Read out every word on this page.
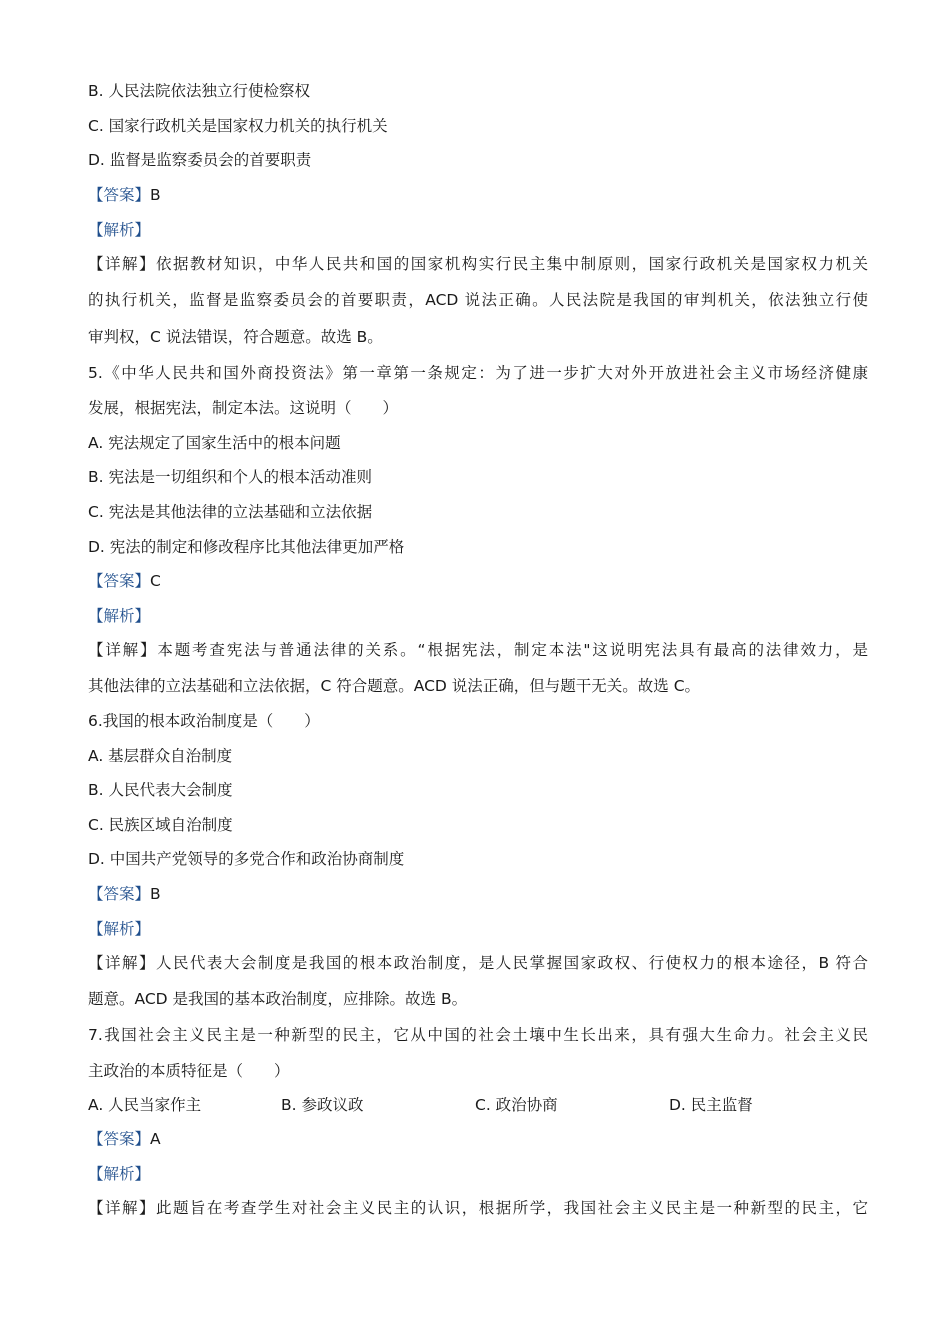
B. 人民法院依法独立行使检察权
C. 国家行政机关是国家权力机关的执行机关
D. 监督是监察委员会的首要职责
【答案】B
【解析】
【详解】依据教材知识，中华人民共和国的国家机构实行民主集中制原则，国家行政机关是国家权力机关
的执行机关，监督是监察委员会的首要职责，ACD 说法正确。人民法院是我国的审判机关，依法独立行使
审判权，C 说法错误，符合题意。故选 B。
5.《中华人民共和国外商投资法》第一章第一条规定：为了进一步扩大对外开放进社会主义市场经济健康
发展，根据宪法，制定本法。这说明（　　）
A. 宪法规定了国家生活中的根本问题
B. 宪法是一切组织和个人的根本活动准则
C. 宪法是其他法律的立法基础和立法依据
D. 宪法的制定和修改程序比其他法律更加严格
【答案】C
【解析】
【详解】本题考查宪法与普通法律的关系。“根据宪法，制定本法"这说明宪法具有最高的法律效力，是
其他法律的立法基础和立法依据，C 符合题意。ACD 说法正确，但与题干无关。故选 C。
6.我国的根本政治制度是（　　）
A. 基层群众自治制度
B. 人民代表大会制度
C. 民族区域自治制度
D. 中国共产党领导的多党合作和政治协商制度
【答案】B
【解析】
【详解】人民代表大会制度是我国的根本政治制度，是人民掌握国家政权、行使权力的根本途径，B 符合
题意。ACD 是我国的基本政治制度，应排除。故选 B。
7.我国社会主义民主是一种新型的民主，它从中国的社会土壤中生长出来，具有强大生命力。社会主义民
主政治的本质特征是（　　）
A. 人民当家作主	B. 参政议政	C. 政治协商	D. 民主监督
【答案】A
【解析】
【详解】此题旨在考查学生对社会主义民主的认识，根据所学，我国社会主义民主是一种新型的民主，它
